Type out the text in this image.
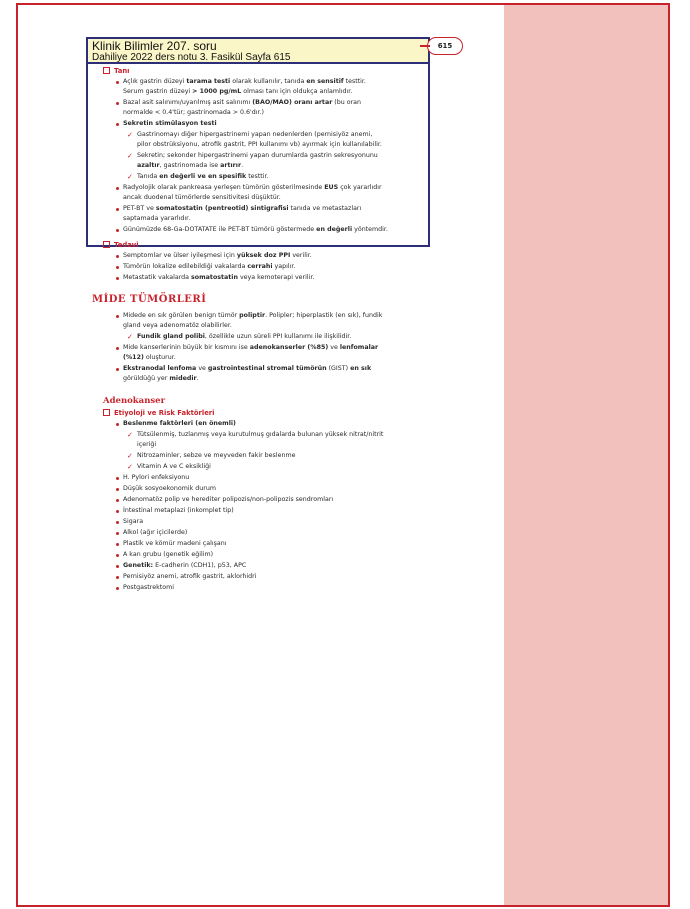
Klinik Bilimler 207. soru
Dahiliye 2022 ders notu 3. Fasikül Sayfa 615
615
Tanı
Açlık gastrin düzeyi tarama testi olarak kullanılır, tanıda en sensitif testtir. Serum gastrin düzeyi > 1000 pg/mL olması tanı için oldukça anlamlıdır.
Bazal asit salınımı/uyarılmış asit salınımı (BAO/MAO) oranı artar (bu oran normalde < 0.4'tür; gastrinomada > 0.6'dır.)
Sekretin stimülasyon testi
✓ Gastrinomayı diğer hipergastrinemi yapan nedenlerden (pernisiyöz anemi, pilor obstrüksiyonu, atrofik gastrit, PPI kullanımı vb) ayırmak için kullanılabilir.
✓ Sekretin; sekonder hipergastrinemi yapan durumlarda gastrin sekresyonunu azaltır, gastrinomada ise artırır.
✓ Tanıda en değerli ve en spesifik testtir.
Radyolojik olarak pankreasa yerleşen tümörün gösterilmesinde EUS çok yararlıdır ancak duodenal tümörlerde sensitivitesi düşüktür.
PET-BT ve somatostatin (pentreotid) sintigrafisi tanıda ve metastazları saptamada yararlıdır.
Günümüzde 68-Ga-DOTATATE ile PET-BT tümörü göstermede en değerli yöntemdir.
Tedavi
Semptomlar ve ülser iyileşmesi için yüksek doz PPI verilir.
Tümörün lokalize edilebildiği vakalarda cerrahi yapılır.
Metastatik vakalarda somatostatin veya kemoterapi verilir.
MİDE TÜMÖRLERİ
Midede en sık görülen benign tümör poliptir. Polipler; hiperplastik (en sık), fundik gland veya adenomatöz olabilirler.
✓ Fundik gland polibi, özellikle uzun süreli PPI kullanımı ile ilişkilidir.
Mide kanserlerinin büyük bir kısmını ise adenokanserler (%85) ve lenfomalar (%12) oluşturur.
Ekstranodal lenfoma ve gastrointestinal stromal tümörün (GIST) en sık görüldüğü yer midedir.
Adenokanser
Etiyoloji ve Risk Faktörleri
Beslenme faktörleri (en önemli)
✓ Tütsülenmiş, tuzlanmış veya kurutulmuş gıdalarda bulunan yüksek nitrat/nitrit içeriği
✓ Nitrozaminler, sebze ve meyveden fakir beslenme
✓ Vitamin A ve C eksikliği
H. Pylori enfeksiyonu
Düşük sosyoekonomik durum
Adenomatöz polip ve herediter polipozis/non-polipozis sendromları
İntestinal metaplazi (inkomplet tip)
Sigara
Alkol (ağır içicilerde)
Plastik ve kömür madeni çalışanı
A kan grubu (genetik eğilim)
Genetik: E-cadherin (CDH1), p53, APC
Pernisiyöz anemi, atrofik gastrit, aklorhidri
Postgastrektomi
